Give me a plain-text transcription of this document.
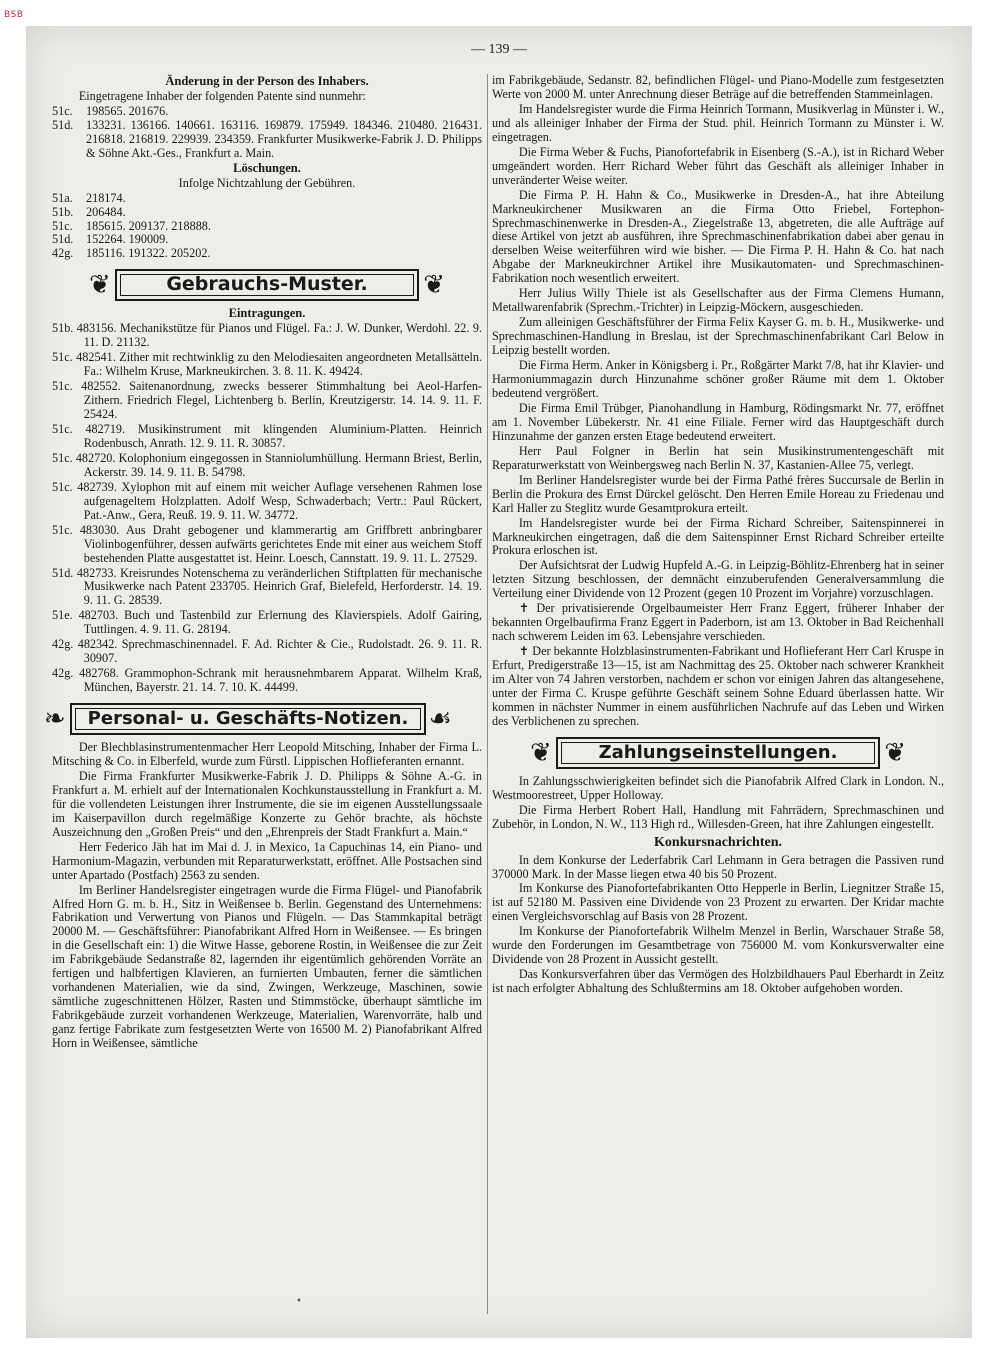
BSB
— 139 —

Änderung in der Person des Inhabers.

Eingetragene Inhaber der folgenden Patente sind nunmehr:

51c.	198565. 201676.
51d.	133231. 136166. 140661. 163116. 169879. 175949. 184346. 210480. 216431. 216818. 216819. 229939. 234359. Frankfurter Musikwerke-Fabrik J. D. Philipps & Söhne Akt.-Ges., Frankfurt a. Main.

Löschungen.

Infolge Nichtzahlung der Gebühren.

51a.	218174.
51b.	206484.
51c.	185615. 209137. 218888.
51d.	152264. 190009.
42g.	185116. 191322. 205202.
❦	Gebrauchs-Muster. ❦

Eintragungen.

51b. 483156. Mechanikstütze für Pianos und Flügel. Fa.: J. W. Dunker, Werdohl. 22. 9. 11. D. 21132.

51c. 482541. Zither mit rechtwinklig zu den Melodiesaiten angeordneten Metallsätteln. Fa.: Wilhelm Kruse, Markneukirchen. 3. 8. 11. K. 49424.

51c. 482552. Saitenanordnung, zwecks besserer Stimmhaltung bei Aeol-Harfen-Zithern. Friedrich Flegel, Lichtenberg b. Berlin, Kreutzigerstr. 14. 14. 9. 11. F. 25424.

51c. 482719. Musikinstrument mit klingenden Aluminium-Platten. Heinrich Rodenbusch, Anrath. 12. 9. 11. R. 30857.

51c. 482720. Kolophonium eingegossen in Stanniolumhüllung. Hermann Briest, Berlin, Ackerstr. 39. 14. 9. 11. B. 54798.

51c. 482739. Xylophon mit auf einem mit weicher Auflage versehenen Rahmen lose aufgenageltem Holzplatten. Adolf Wesp, Schwaderbach; Vertr.: Paul Rückert, Pat.-Anw., Gera, Reuß. 19. 9. 11. W. 34772.

51c. 483030. Aus Draht gebogener und klammerartig am Griffbrett anbringbarer Violinbogenführer, dessen aufwärts gerichtetes Ende mit einer aus weichem Stoff bestehenden Platte ausgestattet ist. Heinr. Loesch, Cannstatt. 19. 9. 11. L. 27529.

51d. 482733. Kreisrundes Notenschema zu veränderlichen Stiftplatten für mechanische Musikwerke nach Patent 233705. Heinrich Graf, Bielefeld, Herforderstr. 14. 19. 9. 11. G. 28539.

51e. 482703. Buch und Tastenbild zur Erlernung des Klavierspiels. Adolf Gairing, Tuttlingen. 4. 9. 11. G. 28194.

42g. 482342. Sprechmaschinennadel. F. Ad. Richter & Cie., Rudolstadt. 26. 9. 11. R. 30907.

42g. 482768. Grammophon-Schrank mit herausnehmbarem Apparat. Wilhelm Kraß, München, Bayerstr. 21. 14. 7. 10. K. 44499.

❧ Personal- u. Geschäfts-Notizen. ☙

Der Blechblasinstrumentenmacher Herr Leopold Mitsching, Inhaber der Firma L. Mitsching & Co. in Elberfeld, wurde zum Fürstl. Lippischen Hoflieferanten ernannt.

Die Firma Frankfurter Musikwerke-Fabrik J. D. Philipps & Söhne A.-G. in Frankfurt a. M. erhielt auf der Internationalen Kochkunstausstellung in Frankfurt a. M. für die vollendeten Leistungen ihrer Instrumente, die sie im eigenen Ausstellungssaale im Kaiserpavillon durch regelmäßige Konzerte zu Gehör brachte, als höchste Auszeichnung den „Großen Preis“ und den „Ehrenpreis der Stadt Frankfurt a. Main.“

Herr Federico Jäh hat im Mai d. J. in Mexico, 1a Capuchinas 14, ein Piano- und Harmonium-Magazin, verbunden mit Reparaturwerkstatt, eröffnet. Alle Postsachen sind unter Apartado (Postfach) 2563 zu senden.

Im Berliner Handelsregister eingetragen wurde die Firma Flügel- und Pianofabrik Alfred Horn G. m. b. H., Sitz in Weißensee b. Berlin. Gegenstand des Unternehmens: Fabrikation und Verwertung von Pianos und Flügeln. — Das Stammkapital beträgt 20000 M. — Geschäftsführer: Pianofabrikant Alfred Horn in Weißensee. — Es bringen in die Gesellschaft ein: 1) die Witwe Hasse, geborene Rostin, in Weißensee die zur Zeit im Fabrikgebäude Sedanstraße 82, lagernden ihr eigentümlich gehörenden Vorräte an fertigen und halbfertigen Klavieren, an furnierten Umbauten, ferner die sämtlichen vorhandenen Materialien, wie da sind, Zwingen, Werkzeuge, Maschinen, sowie sämtliche zugeschnittenen Hölzer, Rasten und Stimmstöcke, überhaupt sämtliche im Fabrikgebäude zurzeit vorhandenen Werkzeuge, Materialien, Warenvorräte, halb und ganz fertige Fabrikate zum festgesetzten Werte von 16500 M. 2) Pianofabrikant Alfred Horn in Weißensee, sämtliche

im Fabrikgebäude, Sedanstr. 82, befindlichen Flügel- und Piano-Modelle zum festgesetzten Werte von 2000 M. unter Anrechnung dieser Beträge auf die betreffenden Stammeinlagen.

Im Handelsregister wurde die Firma Heinrich Tormann, Musikverlag in Münster i. W., und als alleiniger Inhaber der Firma der Stud. phil. Heinrich Tormann zu Münster i. W. eingetragen.

Die Firma Weber & Fuchs, Pianofortefabrik in Eisenberg (S.-A.), ist in Richard Weber umgeändert worden. Herr Richard Weber führt das Geschäft als alleiniger Inhaber in unveränderter Weise weiter.

Die Firma P. H. Hahn & Co., Musikwerke in Dresden-A., hat ihre Abteilung Markneukirchener Musikwaren an die Firma Otto Friebel, Fortephon-Sprechmaschinenwerke in Dresden-A., Ziegelstraße 13, abgetreten, die alle Aufträge auf diese Artikel von jetzt ab ausführen, ihre Sprechmaschinenfabrikation dabei aber genau in derselben Weise weiterführen wird wie bisher. — Die Firma P. H. Hahn & Co. hat nach Abgabe der Markneukirchner Artikel ihre Musikautomaten- und Sprechmaschinen-Fabrikation noch wesentlich erweitert.

Herr Julius Willy Thiele ist als Gesellschafter aus der Firma Clemens Humann, Metallwarenfabrik (Sprechm.-Trichter) in Leipzig-Möckern, ausgeschieden.

Zum alleinigen Geschäftsführer der Firma Felix Kayser G. m. b. H., Musikwerke- und Sprechmaschinen-Handlung in Breslau, ist der Sprechmaschinenfabrikant Carl Below in Leipzig bestellt worden.

Die Firma Herm. Anker in Königsberg i. Pr., Roßgärter Markt 7/8, hat ihr Klavier- und Harmoniummagazin durch Hinzunahme schöner großer Räume mit dem 1. Oktober bedeutend vergrößert.

Die Firma Emil Trübger, Pianohandlung in Hamburg, Rödingsmarkt Nr. 77, eröffnet am 1. November Lübekerstr. Nr. 41 eine Filiale. Ferner wird das Hauptgeschäft durch Hinzunahme der ganzen ersten Etage bedeutend erweitert.

Herr Paul Folgner in Berlin hat sein Musikinstrumentengeschäft mit Reparaturwerkstatt von Weinbergsweg nach Berlin N. 37, Kastanien-Allee 75, verlegt.

Im Berliner Handelsregister wurde bei der Firma Pathé frères Succursale de Berlin in Berlin die Prokura des Ernst Dürckel gelöscht. Den Herren Emile Horeau zu Friedenau und Karl Haller zu Steglitz wurde Gesamtprokura erteilt.

Im Handelsregister wurde bei der Firma Richard Schreiber, Saitenspinnerei in Markneukirchen eingetragen, daß die dem Saitenspinner Ernst Richard Schreiber erteilte Prokura erloschen ist.

Der Aufsichtsrat der Ludwig Hupfeld A.-G. in Leipzig-Böhlitz-Ehrenberg hat in seiner letzten Sitzung beschlossen, der demnächt einzuberufenden Generalversammlung die Verteilung einer Dividende von 12 Prozent (gegen 10 Prozent im Vorjahre) vorzuschlagen.

✝ Der privatisierende Orgelbaumeister Herr Franz Eggert, früherer Inhaber der bekannten Orgelbaufirma Franz Eggert in Paderborn, ist am 13. Oktober in Bad Reichenhall nach schwerem Leiden im 63. Lebensjahre verschieden.

✝ Der bekannte Holzblasinstrumenten-Fabrikant und Hoflieferant Herr Carl Kruspe in Erfurt, Predigerstraße 13—15, ist am Nachmittag des 25. Oktober nach schwerer Krankheit im Alter von 74 Jahren verstorben, nachdem er schon vor einigen Jahren das altangesehene, unter der Firma C. Kruspe geführte Geschäft seinem Sohne Eduard überlassen hatte. Wir kommen in nächster Nummer in einem ausführlichen Nachrufe auf das Leben und Wirken des Verblichenen zu sprechen.

❦	Zahlungseinstellungen. ❦

In Zahlungsschwierigkeiten befindet sich die Pianofabrik Alfred Clark in London. N., Westmoorestreet, Upper Holloway.

Die Firma Herbert Robert Hall, Handlung mit Fahrrädern, Sprechmaschinen und Zubehör, in London, N. W., 113 High rd., Willesden-Green, hat ihre Zahlungen eingestellt.

Konkursnachrichten.

In dem Konkurse der Lederfabrik Carl Lehmann in Gera betragen die Passiven rund 370000 Mark. In der Masse liegen etwa 40 bis 50 Prozent.

Im Konkurse des Pianofortefabrikanten Otto Hepperle in Berlin, Liegnitzer Straße 15, ist auf 52180 M. Passiven eine Dividende von 23 Prozent zu erwarten. Der Kridar machte einen Vergleichsvorschlag auf Basis von 28 Prozent.

Im Konkurse der Pianofortefabrik Wilhelm Menzel in Berlin, Warschauer Straße 58, wurde den Forderungen im Gesamtbetrage von 756000 M. vom Konkursverwalter eine Dividende von 28 Prozent in Aussicht gestellt.

Das Konkursverfahren über das Vermögen des Holzbildhauers Paul Eberhardt in Zeitz ist nach erfolgter Abhaltung des Schlußtermins am 18. Oktober aufgehoben worden.

•
